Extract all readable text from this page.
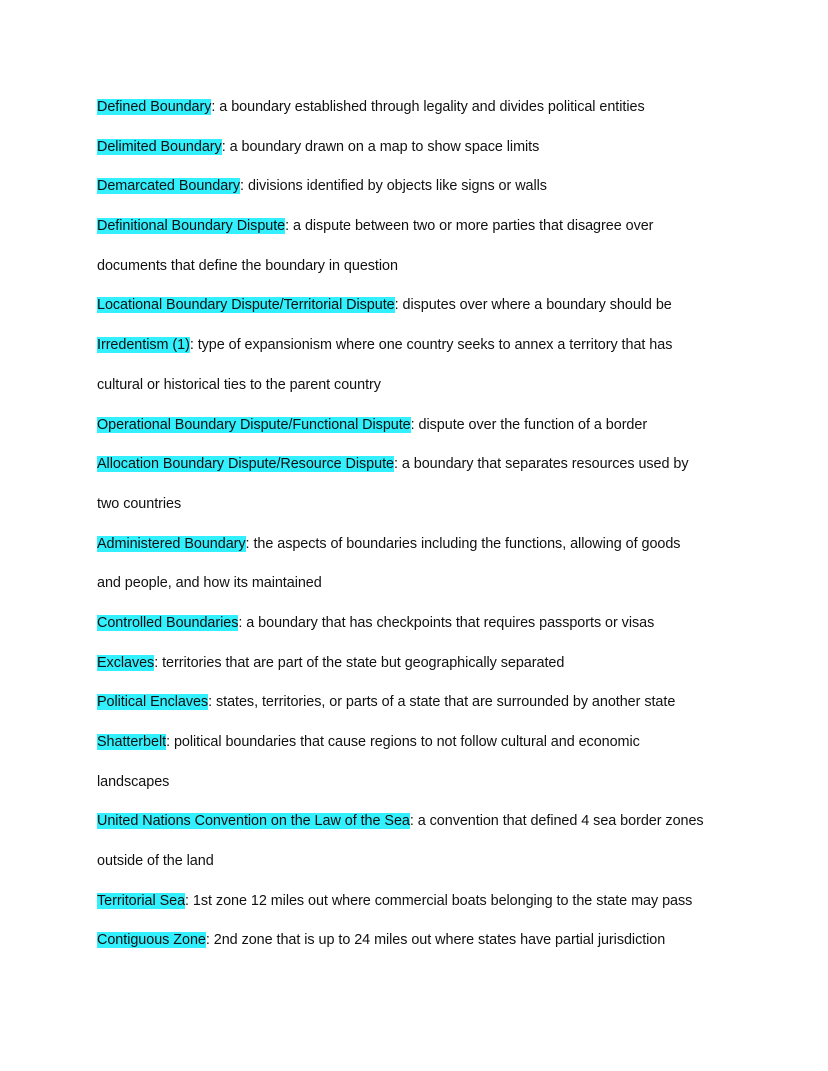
Defined Boundary: a boundary established through legality and divides political entities
Delimited Boundary: a boundary drawn on a map to show space limits
Demarcated Boundary: divisions identified by objects like signs or walls
Definitional Boundary Dispute: a dispute between two or more parties that disagree over
documents that define the boundary in question
Locational Boundary Dispute/Territorial Dispute: disputes over where a boundary should be
Irredentism (1): type of expansionism where one country seeks to annex a territory that has
cultural or historical ties to the parent country
Operational Boundary Dispute/Functional Dispute: dispute over the function of a border
Allocation Boundary Dispute/Resource Dispute: a boundary that separates resources used by
two countries
Administered Boundary: the aspects of boundaries including the functions, allowing of goods
and people, and how its maintained
Controlled Boundaries: a boundary that has checkpoints that requires passports or visas
Exclaves: territories that are part of the state but geographically separated
Political Enclaves: states, territories, or parts of a state that are surrounded by another state
Shatterbelt: political boundaries that cause regions to not follow cultural and economic
landscapes
United Nations Convention on the Law of the Sea: a convention that defined 4 sea border zones
outside of the land
Territorial Sea: 1st zone 12 miles out where commercial boats belonging to the state may pass
Contiguous Zone: 2nd zone that is up to 24 miles out where states have partial jurisdiction
